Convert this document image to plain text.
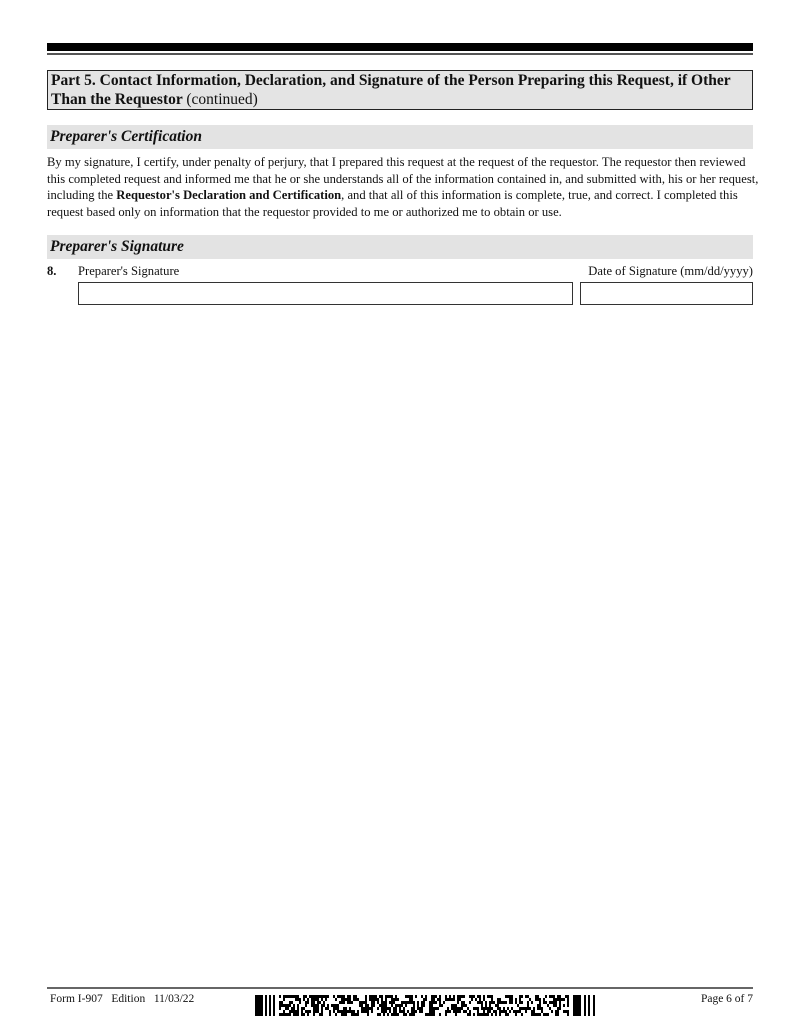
Part 5. Contact Information, Declaration, and Signature of the Person Preparing this Request, if Other Than the Requestor (continued)
Preparer's Certification
By my signature, I certify, under penalty of perjury, that I prepared this request at the request of the requestor. The requestor then reviewed this completed request and informed me that he or she understands all of the information contained in, and submitted with, his or her request, including the Requestor's Declaration and Certification, and that all of this information is complete, true, and correct. I completed this request based only on information that the requestor provided to me or authorized me to obtain or use.
Preparer's Signature
8. Preparer's Signature	Date of Signature (mm/dd/yyyy)
Form I-907   Edition   11/03/22	Page 6 of 7
